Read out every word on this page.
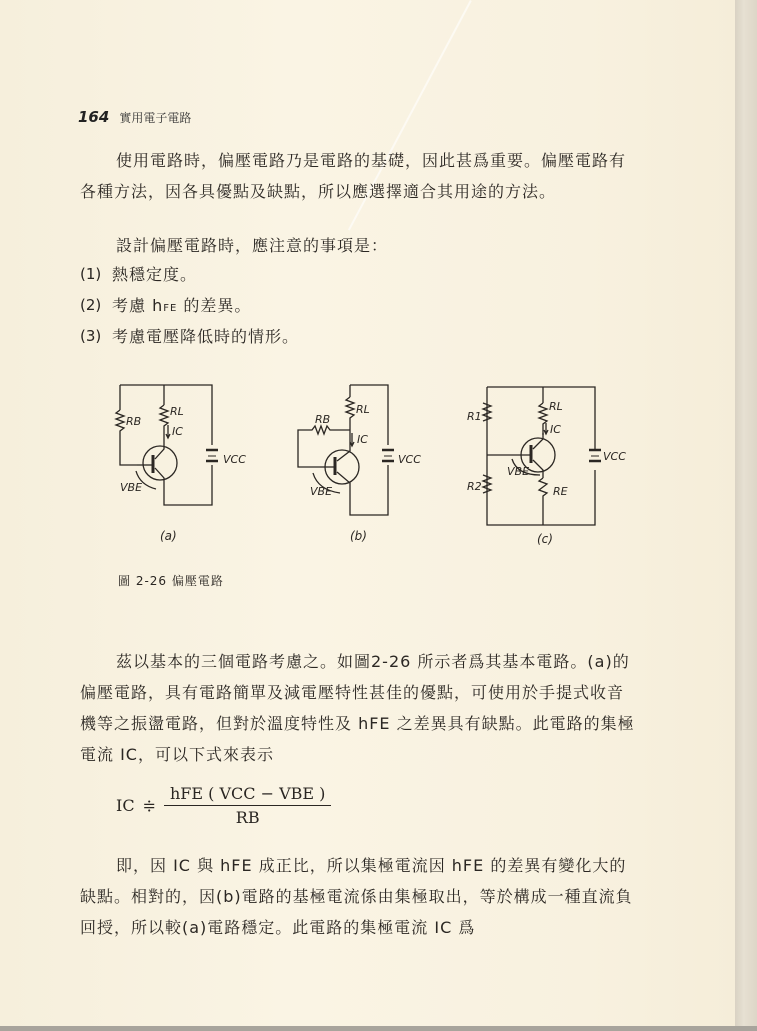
164 實用電子電路
使用電路時，偏壓電路乃是電路的基礎，因此甚爲重要。偏壓電路有各種方法，因各具優點及缺點，所以應選擇適合其用途的方法。
設計偏壓電路時，應注意的事項是：
(1) 熱穩定度。
(2) 考慮 hFE 的差異。
(3) 考慮電壓降低時的情形。
RB
RL
IC
VCC
VBE
(a)
RB
RL
IC
VCC
VBE
(b)
R1
R2
RL
IC
VCC
VBE
RE
(c)
圖 2-26 偏壓電路
茲以基本的三個電路考慮之。如圖2-26 所示者爲其基本電路。(a)的偏壓電路，具有電路簡單及減電壓特性甚佳的優點，可使用於手提式收音機等之振盪電路，但對於溫度特性及 hFE 之差異具有缺點。此電路的集極電流 IC，可以下式來表示
IC ≑ $\frac{\text{hFE ( VCC − VBE )}}{RB}$
即，因 IC 與 hFE 成正比，所以集極電流因 hFE 的差異有變化大的缺點。相對的，因(b)電路的基極電流係由集極取出，等於構成一種直流負回授，所以較(a)電路穩定。此電路的集極電流 IC 爲
